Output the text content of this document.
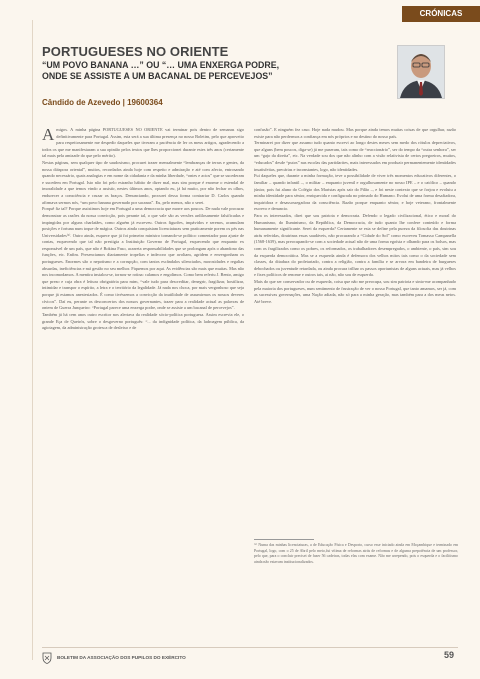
CRÓNICAS
PORTUGUESES NO ORIENTE
“UM POVO BANANA …” OU “… UMA ENXERGA PODRE,
ONDE SE ASSISTE A UM BACANAL DE PERCEVEJOS”
Cândido de Azevedo | 19600364

Amigos. A minha página PORTUGUESES NO ORIENTE vai terminar pois dentro de semanas sigo definitivamente para Portugal. Assim, esta será a sua última presença no nosso Boletim, pelo que aproveito para respeitosamente me despedir daqueles que tiveram a paciência de ler os meus artigos, agradecendo a todos os que me manifestaram a sua opinião pelos textos que lhes proporcionei durante estes três anos (certamente tal mais pela amizade do que pelo mérito).

Nestas páginas, sem qualquer tipo de saudosismo, procurei trazer mensalmente “lembranças de terras e gentes, da nossa diáspora oriental”, muitos, recordados ainda hoje com respeito e admiração e até com afecto, entrosando quando necessário, quais analogias e em nome da cidadania e da minha liberdade, “ontes e actos” que se sucederam e sucedem em Portugal. Isto não foi pelo estranho hábito de dizer mal, mas sim porque é enorme o estendal de imoralidade a que temos vindo a assistir, nestes últimos anos, optando eu, já há muito, por não fechar os olhos, endurecer a consciência e cruzar os braços. Denunciando, procurei dessa forma contrariar D. Carlos quando afirmava sermos nós, “um povo banana governado por sacanas”. Eu, pelo menos, não o serei.

Porquê fiz tal? Porque assistimos hoje em Portugal a uma democracia que morre aos poucos. De nada vale procurar demonstrar as razões da nossa convicção, pois perante tal, o que vale são as versões ardilosamente falsificadas e impingidas por alguns charlatães, como alguém já escreveu. Outros figurões, impávidos e serenos, acumulam posições e fortuna num toque de mágica. Outros ainda conquistam licenciaturas sem praticamente porem os pés nas Universidades⁽¹⁾. Outro ainda, esquece que já foi primeiro ministro tornando-se político comentador para ajuste de contas, esquecendo que tal não prestigia a Instituição Governo de Portugal, esquecendo que enquanto ex responsável de um país, que não é Bokina Faso, acarreta responsabilidades que se prolongam após o abandono das funções, etc. Enfim. Presenciamos diariamente tropelias e indecoro que avoltam, agridem e envergonham os portugueses. Enormes são o nepotismo e a corrupção, com tantos escândalos silenciados, morosidades e regalias absurdas, ineficiências e má gestão no seu melhor. Fiquemos por aqui. As evidências são mais que muitas. Mas não nos incomodamos. A mentira instalou-se, tornou-se rotina: calamos e engolimos. Como bem referiu J. Bento, amigo que prezo e cuja obra é leitura obrigatória para mim, “vale tudo para descreditar, denegrir, fragilizar, hostilizar, intimidar e transpor o espírito, a letra e o território da legalidade. Já nada nos choca, por mais vergonhoso que seja porque já estamos anestesiados. É como tivéssemos a convicção da inutilidade de assumirmos os nossos deveres cívicos”. Daí eu, perante os desconcertos dos nossos governantes, trazer para a realidade actual as palavras de ontem de Guerra Junqueiro: “Portugal parece uma enxerga podre, onde se assiste a um bacanal de percevejos”.

Também já há cem anos outro escritor nos alertava da realidade sócio-política portuguesa. Assim escrevia ele, o grande Eça de Queirós, sobre o desgoverno português: “... da indignidade política, da ladroagem pública, da agiotagem, da administração grotesca de desleixo e de

confusão”. E ninguém fez caso. Hoje nada mudou. Mas porque ainda temos muitas coisas de que orgulhar, razão existe para não perdermos a confiança em nós próprios e no destino do nosso país.

Terminarei por dizer que assumo tudo quanto escrevi ao longo destes meses sem medo dos rótulos depreciativos, que alguns (bem poucos, diga-se) já me puseram, tais como de “reaccionário”, ser do tempo da “outra senhora”, ser um “gajo da direita”, etc. Na verdade sou dos que não alinho com a visão relativista de certos pregoeiros, muitos, “educados” desde “putos” nas escolas das partidarites, mais interessados em produzir permanentemente identidades insatisfeitas, precárias e inconstantes, logo, não identidades.

Fui daqueles que, durante a minha formação, teve a possibilidade de viver três momentos educativos diferentes, o familiar – quando infantil –, o militar – enquanto juvenil e orgulhosamente no nosso IPE – e o católico – quando júnior, pois fui aluno do Colégio dos Maristas após sair do Pilão –, e foi neste contexto que se forjou e evoluiu a minha identidade para sénior, enriquecida e configurada no primado do Humano. Evolui de uma forma desafiadora, inquiridora e desassossegadora da consciência. Razão porque enquanto sénior, e hoje veterano, frontalmente escrevo e denuncio.

Para os interessados, direi que sou patriota e democrata. Defendo o legado civilizacional, ético e moral do Humanismo, do Iluminismo, da República, da Democracia, de tudo quanto lhe confere conteúdo e forma humanamente significante. Serei da esquerda? Certamente se esta se define pela pureza da filosofia das doutrinas atrás referidas, doutrinas essas saudáveis, não procurando a “Cidade do Sol” como escreveu Tomasso Campanella (1568-1639), mas preocupando-se com a sociedade actual não de uma forma egoísta e olhando para os bolsos, mas com os fragilizados como os pobres, os reformados, os trabalhadores desempregados, o ambiente, o país, sim sou da esquerda democrática. Mas se a esquerda ainda é defensora dos velhos mitos tais como o da sociedade sem classes, da ditadura do proletariado, contra a religião, contra a família e se arvora em bandeira de burgueses debochados ou juventude retardada, ou ainda procura trilhar os passos oportunistas de alguns actuais, mas já velhos e fixes políticos de renome e outros tais, ai não, não sou de esquerda.

Mais do que ser conservador ou de esquerda, coisa que não me preocupa, sou sim patriota e sinto-me acompanhado pela maioria dos portugueses, num sentimento de frustração de ver o nosso Portugal, que tanto amamos, ser já, com as sucessivas governações, uma Nação adiada, não só para a minha geração, mas também para a dos meus netos. Até breve.

⁽¹⁾ Numa das minhas licenciaturas, a de Educação Física e Desporto, curso esse iniciado ainda em Moçambique e terminado em Portugal, logo, com o 25 de Abril pelo meio,fui vítima de reformas atrás de reformas e de alguma prepotência de um professor, pelo que, para o concluir precisei de fazer 56 cadeiras, todas elas com exame. Não me arrependo, pois o esquerda e o facilitismo ainda não estavam institucionalizados.
BOLETIM DA ASSOCIAÇÃO DOS PUPILOS DO EXÉRCITO	59
